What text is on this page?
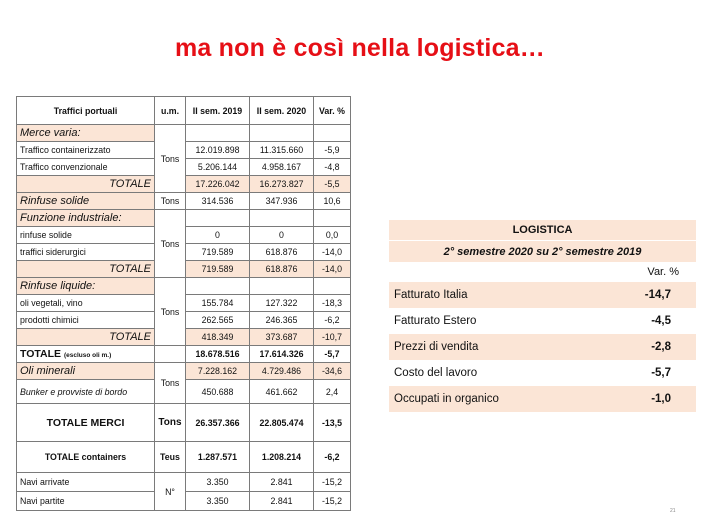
ma non è così nella logistica…
Traffici portuali	u.m.	II sem. 2019	II sem. 2020	Var. %
Merce varia:	Tons			
Traffico containerizzato		12.019.898	11.315.660	-5,9
Traffico convenzionale		5.206.144	4.958.167	-4,8
TOTALE		17.226.042	16.273.827	-5,5
Rinfuse solide	Tons	314.536	347.936	10,6
Funzione industriale:	Tons			
rinfuse solide		0	0	0,0
traffici siderurgici		719.589	618.876	-14,0
TOTALE		719.589	618.876	-14,0
Rinfuse liquide:	Tons			
oli vegetali, vino		155.784	127.322	-18,3
prodotti chimici		262.565	246.365	-6,2
TOTALE		418.349	373.687	-10,7
TOTALE (escluso oli m.)		18.678.516	17.614.326	-5,7
Oli minerali	Tons	7.228.162	4.729.486	-34,6
Bunker e provviste di bordo		450.688	461.662	2,4
TOTALE MERCI	Tons	26.357.366	22.805.474	-13,5
TOTALE containers	Teus	1.287.571	1.208.214	-6,2
Navi arrivate	N°	3.350	2.841	-15,2
Navi partite		3.350	2.841	-15,2
LOGISTICA	
2° semestre 2020 su 2° semestre 2019	
	Var. %
Fatturato Italia	-14,7
Fatturato Estero	-4,5
Prezzi di vendita	-2,8
Costo del lavoro	-5,7
Occupati in organico	-1,0
21
